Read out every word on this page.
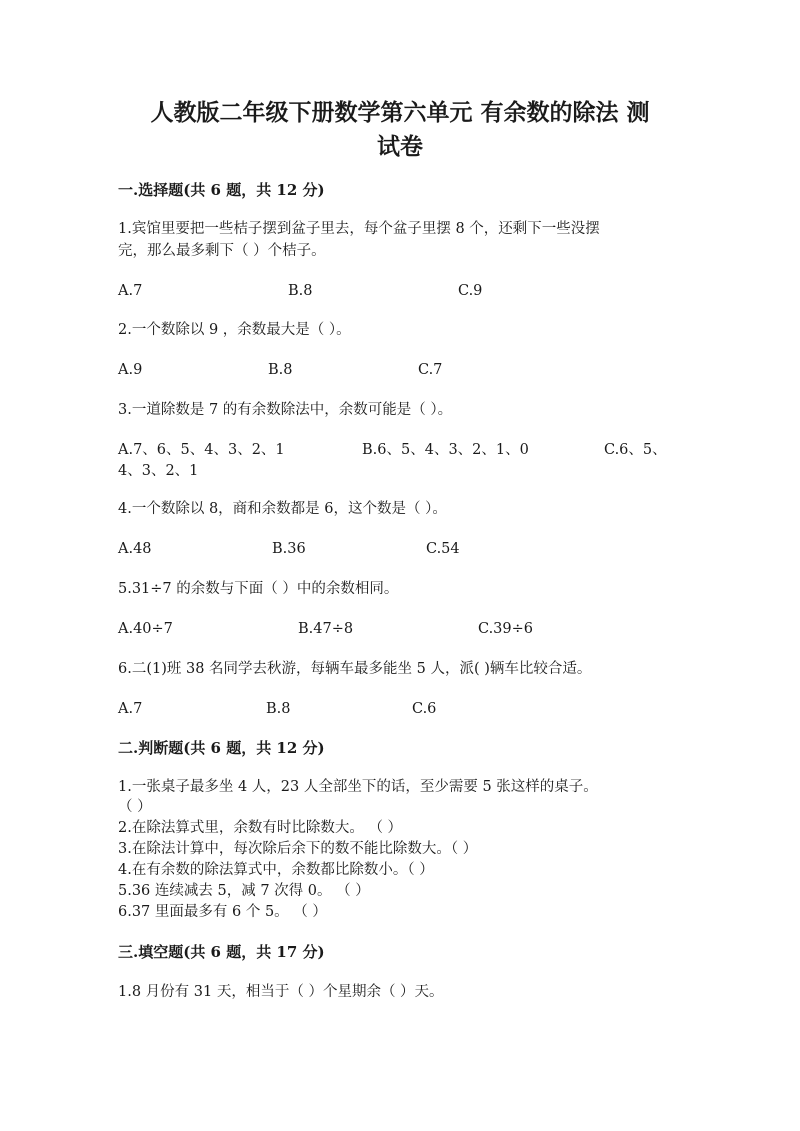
人教版二年级下册数学第六单元 有余数的除法 测
试卷
一.选择题(共 6 题，共 12 分)
1.宾馆里要把一些桔子摆到盆子里去，每个盆子里摆 8 个，还剩下一些没摆
完，那么最多剩下（ ）个桔子。
A.7	B.8	C.9
2.一个数除以 9 ，余数最大是（ ）。
A.9	B.8	C.7
3.一道除数是 7 的有余数除法中，余数可能是（ ）。
A.7、6、5、4、3、2、1	B.6、5、4、3、2、1、0	C.6、5、
4、3、2、1
4.一个数除以 8，商和余数都是 6，这个数是（ ）。
A.48	B.36	C.54
5.31÷7 的余数与下面（ ）中的余数相同。
A.40÷7	B.47÷8	C.39÷6
6.二(1)班 38 名同学去秋游，每辆车最多能坐 5 人，派( )辆车比较合适。
A.7	B.8	C.6
二.判断题(共 6 题，共 12 分)
1.一张桌子最多坐 4 人，23 人全部坐下的话，至少需要 5 张这样的桌子。
（ ）
2.在除法算式里，余数有时比除数大。 （ ）
3.在除法计算中，每次除后余下的数不能比除数大。（ ）
4.在有余数的除法算式中，余数都比除数小。（ ）
5.36 连续减去 5，减 7 次得 0。 （ ）
6.37 里面最多有 6 个 5。 （ ）
三.填空题(共 6 题，共 17 分)
1.8 月份有 31 天，相当于（ ）个星期余（ ）天。
